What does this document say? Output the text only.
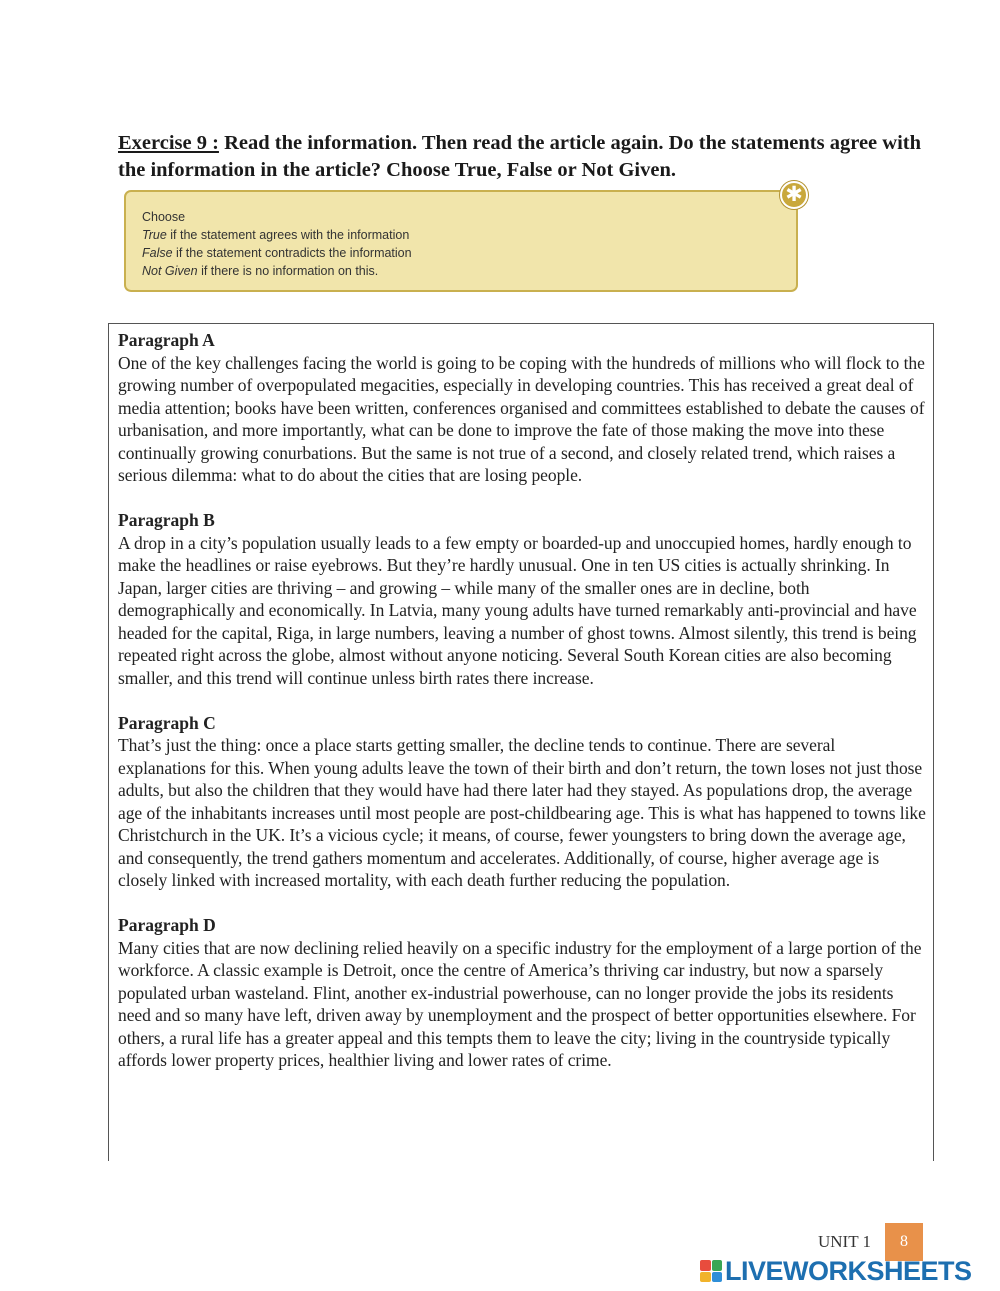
Exercise 9 : Read the information. Then read the article again. Do the statements agree with the information in the article? Choose True, False or Not Given.
Choose
True if the statement agrees with the information
False if the statement contradicts the information
Not Given if there is no information on this.
✱
Paragraph A
One of the key challenges facing the world is going to be coping with the hundreds of millions who will flock to the growing number of overpopulated megacities, especially in developing countries. This has received a great deal of media attention; books have been written, conferences organised and committees established to debate the causes of urbanisation, and more importantly, what can be done to improve the fate of those making the move into these continually growing conurbations. But the same is not true of a second, and closely related trend, which raises a serious dilemma: what to do about the cities that are losing people.
Paragraph B
A drop in a city’s population usually leads to a few empty or boarded-up and unoccupied homes, hardly enough to make the headlines or raise eyebrows. But they’re hardly unusual. One in ten US cities is actually shrinking. In Japan, larger cities are thriving – and growing – while many of the smaller ones are in decline, both demographically and economically. In Latvia, many young adults have turned remarkably anti-provincial and have headed for the capital, Riga, in large numbers, leaving a number of ghost towns. Almost silently, this trend is being repeated right across the globe, almost without anyone noticing. Several South Korean cities are also becoming smaller, and this trend will continue unless birth rates there increase.
Paragraph C
That’s just the thing: once a place starts getting smaller, the decline tends to continue. There are several explanations for this. When young adults leave the town of their birth and don’t return, the town loses not just those adults, but also the children that they would have had there later had they stayed. As populations drop, the average age of the inhabitants increases until most people are post-childbearing age. This is what has happened to towns like Christchurch in the UK. It’s a vicious cycle; it means, of course, fewer youngsters to bring down the average age, and consequently, the trend gathers momentum and accelerates. Additionally, of course, higher average age is closely linked with increased mortality, with each death further reducing the population.
Paragraph D
Many cities that are now declining relied heavily on a specific industry for the employment of a large portion of the workforce. A classic example is Detroit, once the centre of America’s thriving car industry, but now a sparsely populated urban wasteland. Flint, another ex-industrial powerhouse, can no longer provide the jobs its residents need and so many have left, driven away by unemployment and the prospect of better opportunities elsewhere. For others, a rural life has a greater appeal and this tempts them to leave the city; living in the countryside typically affords lower property prices, healthier living and lower rates of crime.
UNIT 1	8
LIVEWORKSHEETS
